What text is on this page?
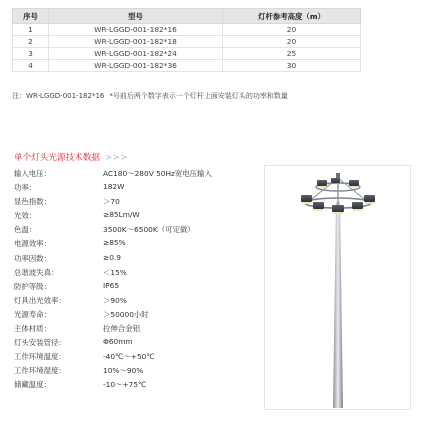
序号	型号	灯杆参考高度（m）
1	WR-LGGD-001-182*16	20
2	WR-LGGD-001-182*18	20
3	WR-LGGD-001-182*24	25
4	WR-LGGD-001-182*36	30
注：WR-LGGD-001-182*16 *号前后两个数字表示一个灯杆上面安装灯头的功率和数量
单个灯头光源技术数据 >>>
输入电压：	AC180～280V 50Hz宽电压输入
功率：	182W
显色指数：	＞70
光效：	≥85Lm/W
色温：	3500K～6500K（可定做）
电源效率：	≥85%
功率因数：	≥0.9
总谐波失真：	＜15%
防护等级：	IP65
灯具出光效率：	＞90%
光源寿命：	＞50000小时
主体材质：	拉伸合金铝
灯头安装管径：	Φ60mm
工作环境温度：	-40℃～+50℃
工作环境湿度：	10%～90%
储藏温度：	-10～+75℃
